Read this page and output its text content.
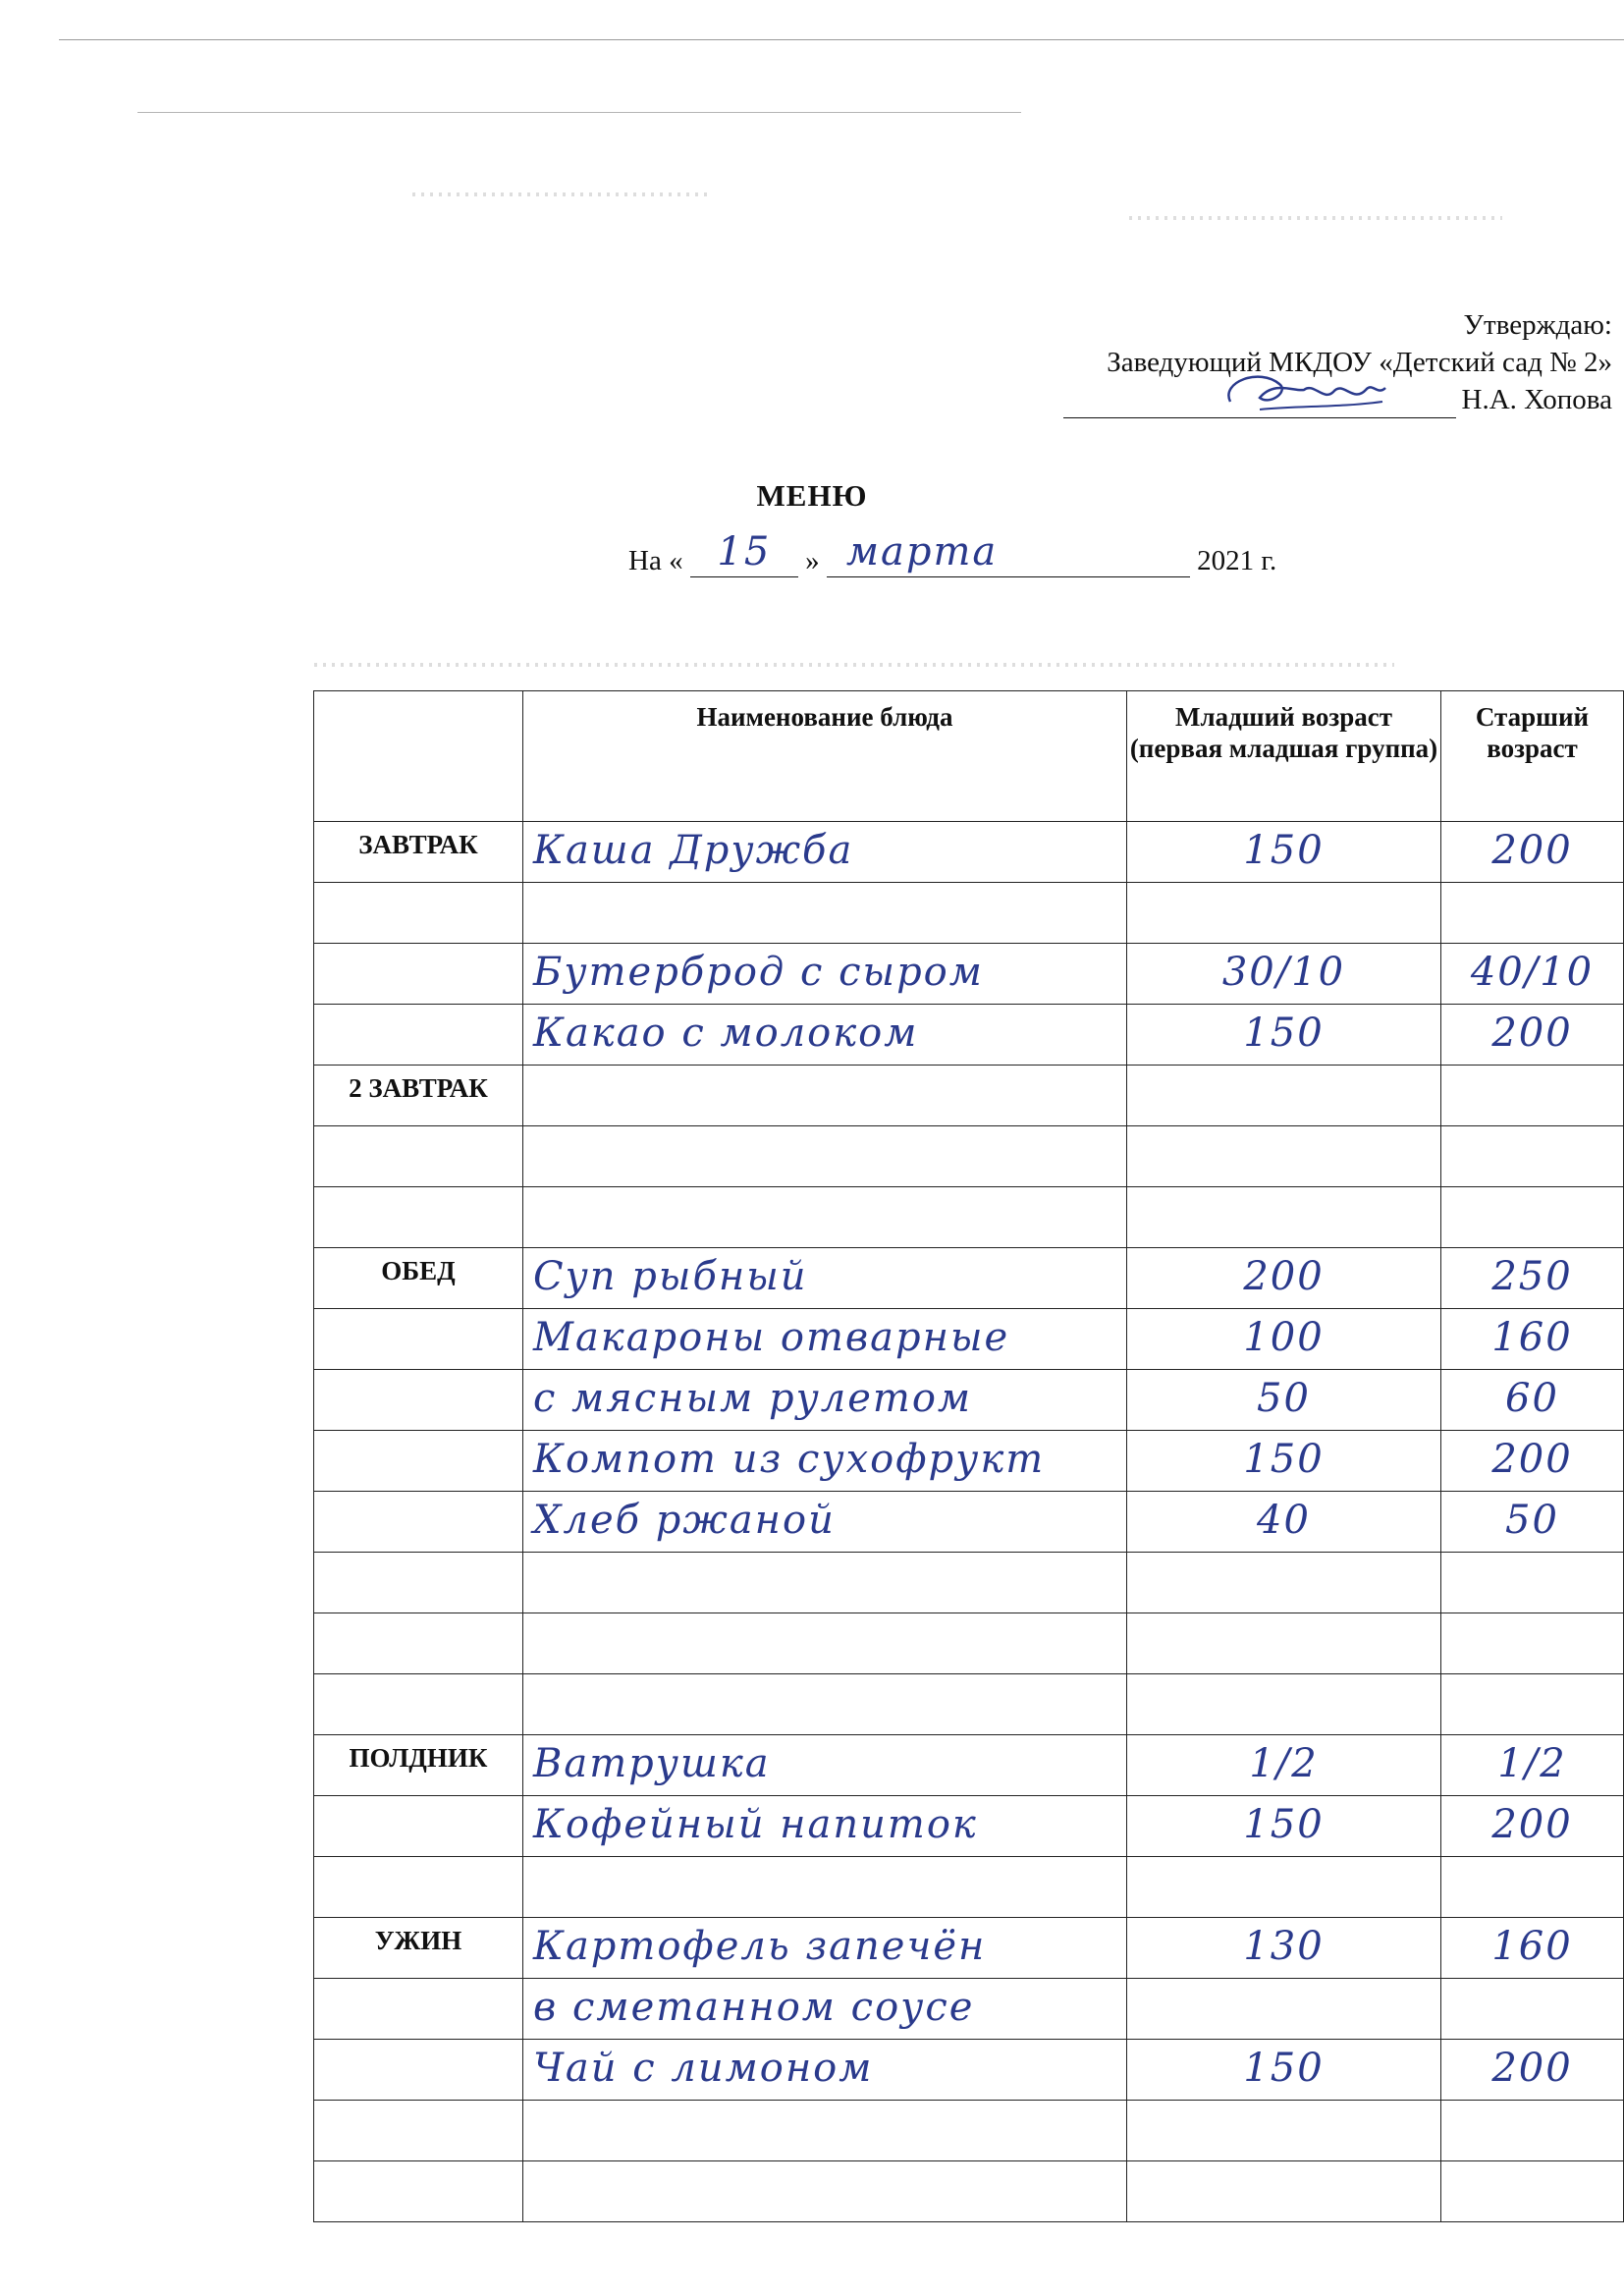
Утверждаю:
Заведующий МКДОУ «Детский сад № 2»
Н.А. Хопова
МЕНЮ
На « 15	» марта	2021 г.
	Наименование блюда	Младший возраст (первая младшая группа)	Старший возраст
ЗАВТРАК	Каша Дружба	150	200

	Бутерброд с сыром	30/10	40/10

	Какао с молоком	150	200

2 ЗАВТРАК	

ОБЕД	Суп рыбный	200	250

	Макароны отварные	100	160

	с мясным рулетом	50	60

	Компот из сухофрукт	150	200

	Хлеб ржаной	40	50

ПОЛДНИК	Ватрушка	1/2	1/2

	Кофейный напиток	150	200

УЖИН	Картофель запечён	130	160

	в сметанном соусе		

	Чай с лимоном	150	200
